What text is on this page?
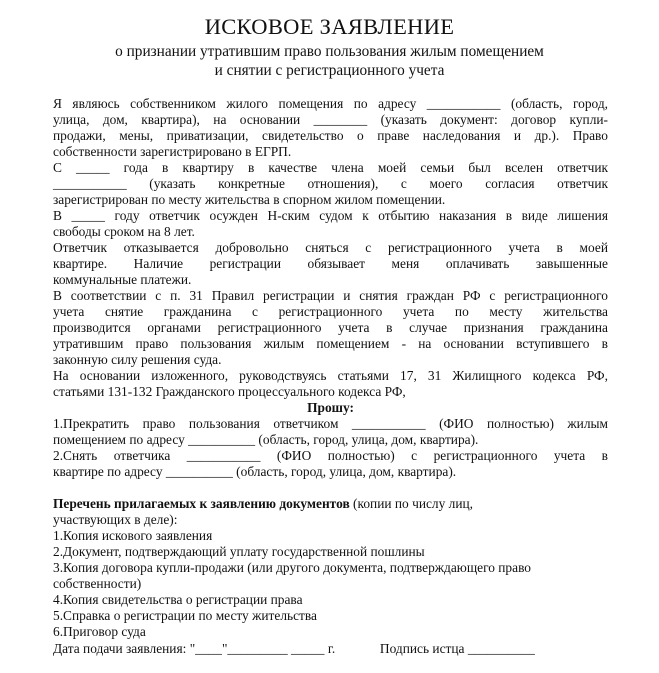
ИСКОВОЕ ЗАЯВЛЕНИЕ
о признании утратившим право пользования жилым помещением
и снятии с регистрационного учета
Я являюсь собственником жилого помещения по адресу ___________ (область, город,
улица, дом, квартира), на основании ________ (указать документ: договор купли-
продажи, мены, приватизации, свидетельство о праве наследования и др.). Право
собственности зарегистрировано в ЕГРП.
С _____ года в квартиру в качестве члена моей семьи был вселен ответчик
___________ (указать конкретные отношения), с моего согласия ответчик
зарегистрирован по месту жительства в спорном жилом помещении.
В _____ году ответчик осужден Н-ским судом к отбытию наказания в виде лишения
свободы сроком на 8 лет.
Ответчик отказывается добровольно сняться с регистрационного учета в моей
квартире. Наличие регистрации обязывает меня оплачивать завышенные
коммунальные платежи.
В соответствии с п. 31 Правил регистрации и снятия граждан РФ с регистрационного
учета снятие гражданина с регистрационного учета по месту жительства
производится органами регистрационного учета в случае признания гражданина
утратившим право пользования жилым помещением - на основании вступившего в
законную силу решения суда.
На основании изложенного, руководствуясь статьями 17, 31 Жилищного кодекса РФ,
статьями 131-132 Гражданского процессуального кодекса РФ,
Прошу:
1.Прекратить право пользования ответчиком ___________ (ФИО полностью) жилым
помещением по адресу __________ (область, город, улица, дом, квартира).
2.Снять ответчика ___________ (ФИО полностью) с регистрационного учета в
квартире по адресу __________ (область, город, улица, дом, квартира).
Перечень прилагаемых к заявлению документов (копии по числу лиц,
участвующих в деле):
1.Копия искового заявления
2.Документ, подтверждающий уплату государственной пошлины
3.Копия договора купли-продажи (или другого документа, подтверждающего право
собственности)
4.Копия свидетельства о регистрации права
5.Справка о регистрации по месту жительства
6.Приговор суда
Дата подачи заявления: "____"_________ _____ г.	Подпись истца __________
